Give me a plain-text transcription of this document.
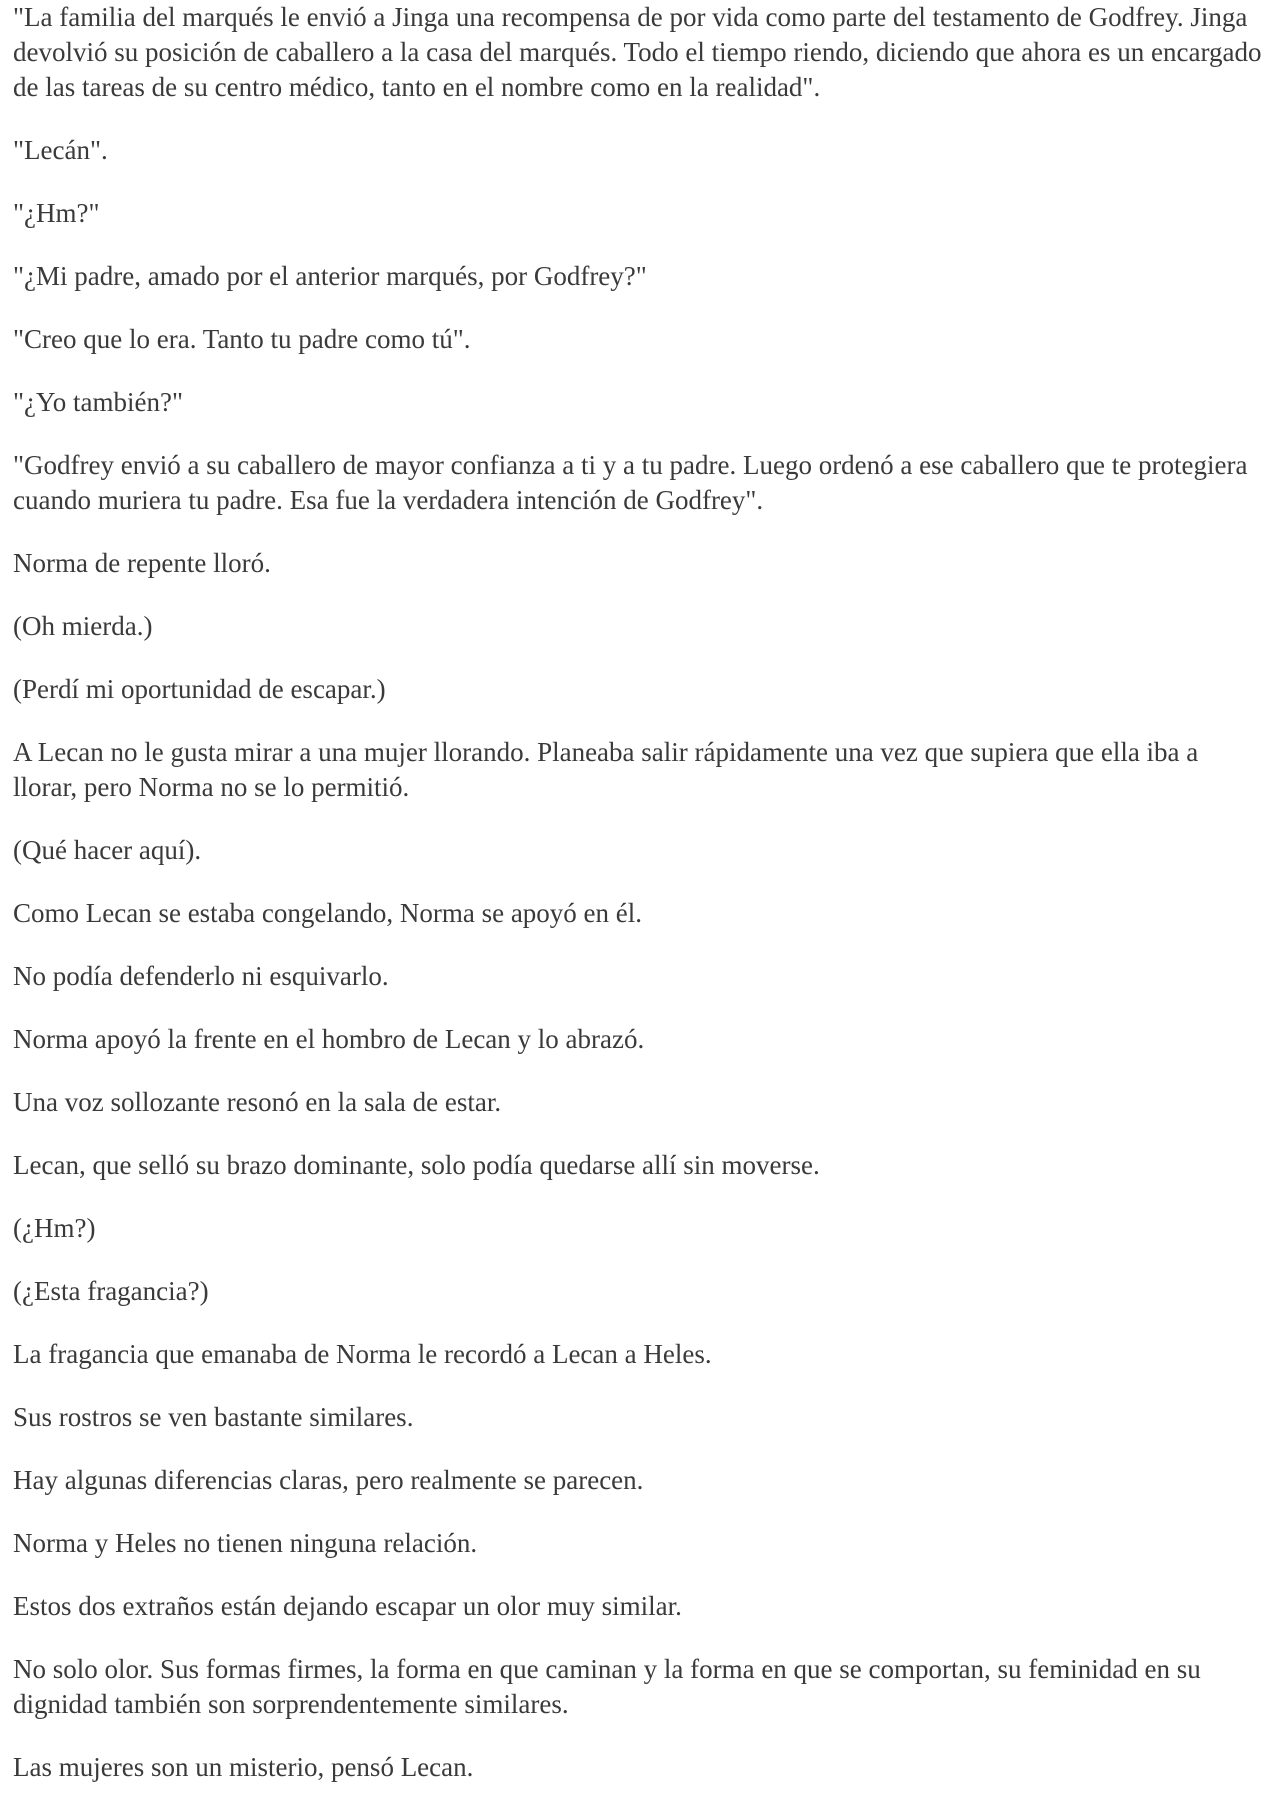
"La familia del marqués le envió a Jinga una recompensa de por vida como parte del testamento de Godfrey. Jinga devolvió su posición de caballero a la casa del marqués. Todo el tiempo riendo, diciendo que ahora es un encargado de las tareas de su centro médico, tanto en el nombre como en la realidad".

"Lecán".

"¿Hm?"

"¿Mi padre, amado por el anterior marqués, por Godfrey?"

"Creo que lo era. Tanto tu padre como tú".

"¿Yo también?"

"Godfrey envió a su caballero de mayor confianza a ti y a tu padre. Luego ordenó a ese caballero que te protegiera cuando muriera tu padre. Esa fue la verdadera intención de Godfrey".

Norma de repente lloró.

(Oh mierda.)

(Perdí mi oportunidad de escapar.)

A Lecan no le gusta mirar a una mujer llorando. Planeaba salir rápidamente una vez que supiera que ella iba a llorar, pero Norma no se lo permitió.

(Qué hacer aquí).

Como Lecan se estaba congelando, Norma se apoyó en él.

No podía defenderlo ni esquivarlo.

Norma apoyó la frente en el hombro de Lecan y lo abrazó.

Una voz sollozante resonó en la sala de estar.

Lecan, que selló su brazo dominante, solo podía quedarse allí sin moverse.

(¿Hm?)

(¿Esta fragancia?)

La fragancia que emanaba de Norma le recordó a Lecan a Heles.

Sus rostros se ven bastante similares.

Hay algunas diferencias claras, pero realmente se parecen.

Norma y Heles no tienen ninguna relación.

Estos dos extraños están dejando escapar un olor muy similar.

No solo olor. Sus formas firmes, la forma en que caminan y la forma en que se comportan, su feminidad en su dignidad también son sorprendentemente similares.

Las mujeres son un misterio, pensó Lecan.
